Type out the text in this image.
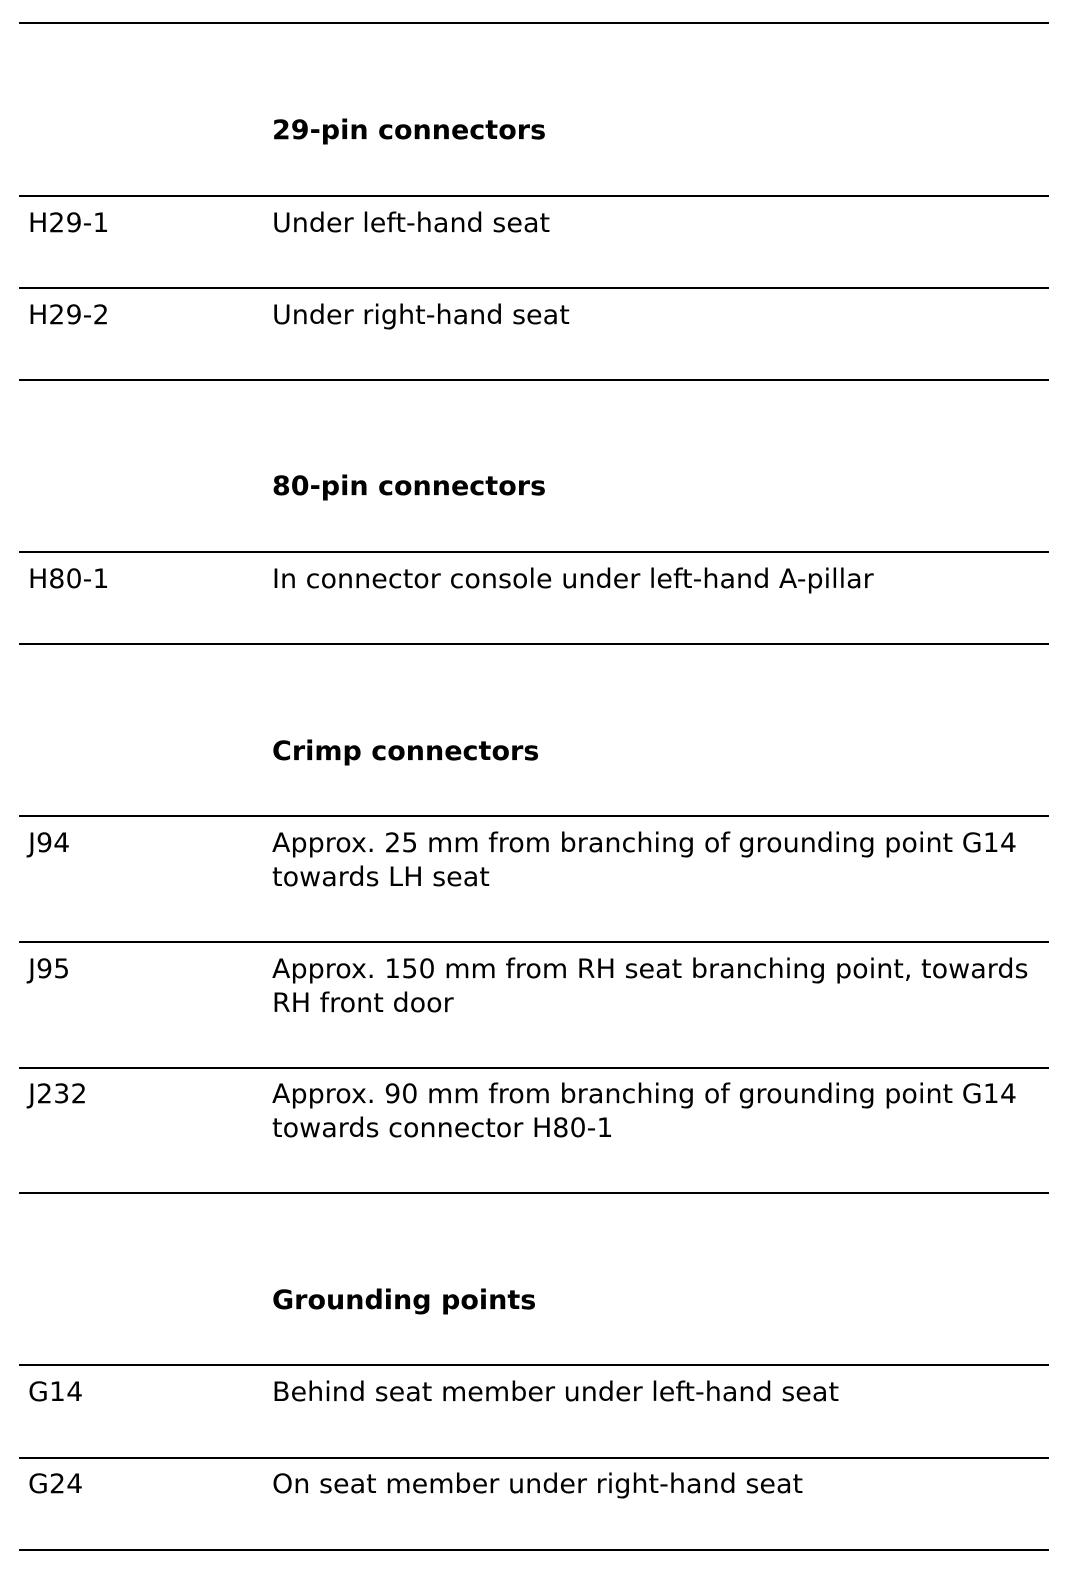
29-pin connectors
H29-1	Under left-hand seat
H29-2	Under right-hand seat
80-pin connectors
H80-1	In connector console under left-hand A-pillar
Crimp connectors
J94	Approx. 25 mm from branching of grounding point G14
towards LH seat
J95	Approx. 150 mm from RH seat branching point, towards
RH front door
J232	Approx. 90 mm from branching of grounding point G14
towards connector H80-1
Grounding points
G14	Behind seat member under left-hand seat
G24	On seat member under right-hand seat
